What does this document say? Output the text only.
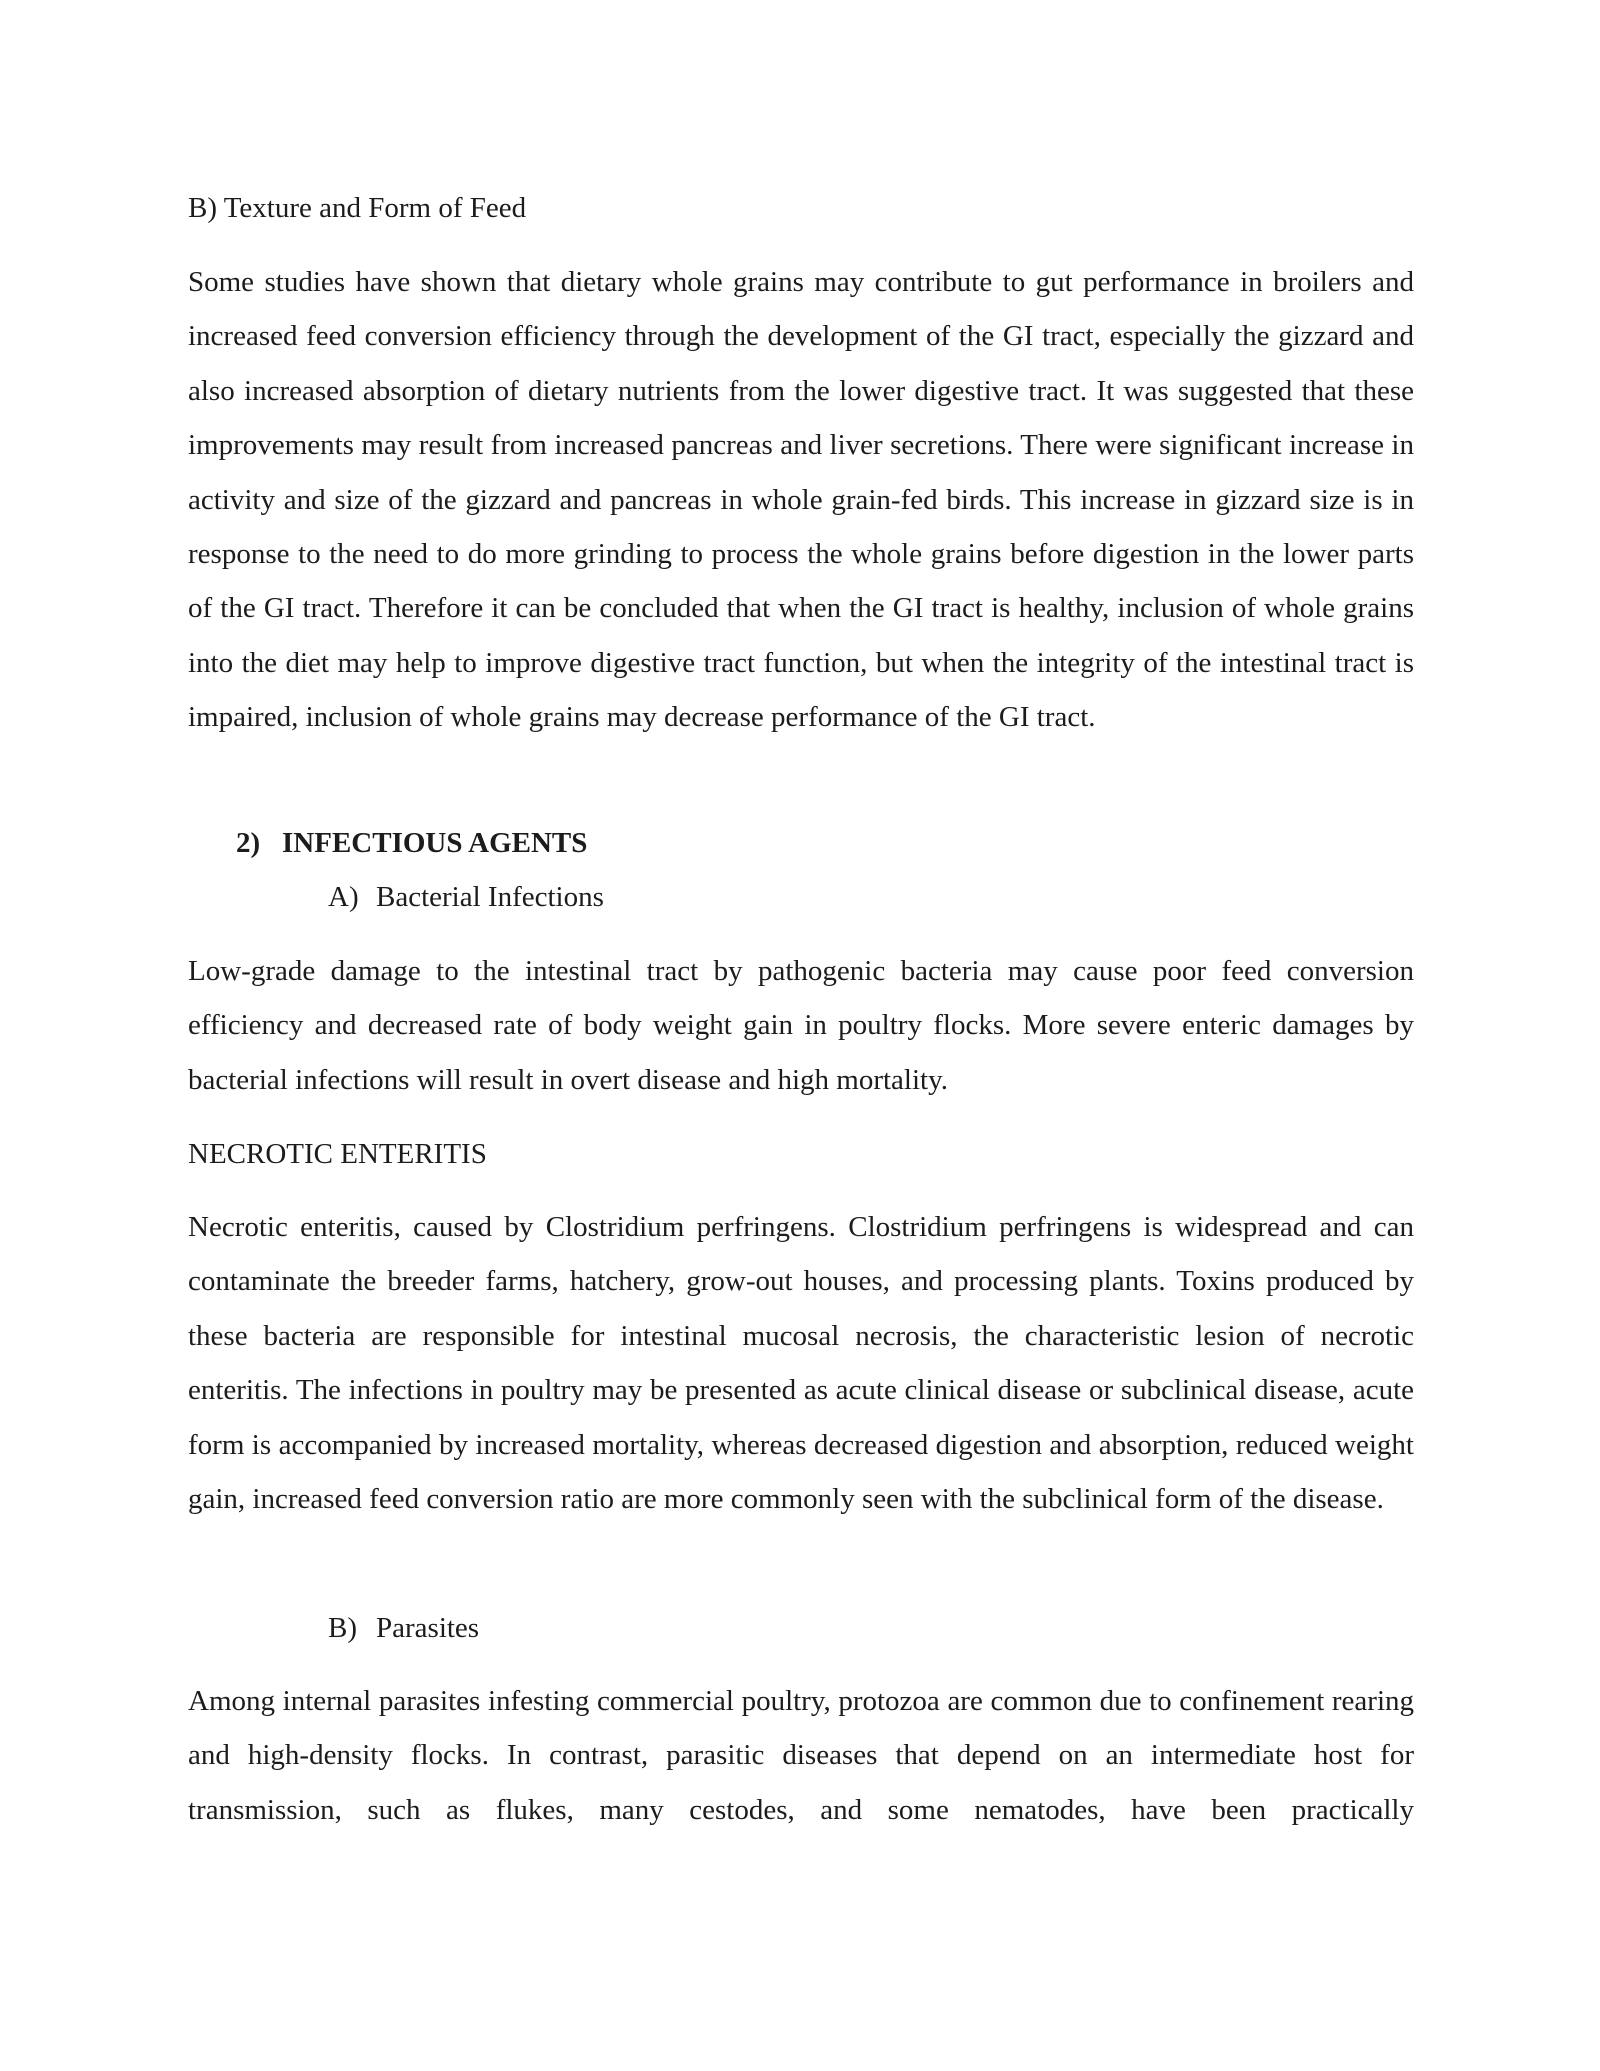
B) Texture and Form of Feed

Some studies have shown that dietary whole grains may contribute to gut performance in broilers and increased feed conversion efficiency through the development of the GI tract, especially the gizzard and also increased absorption of dietary nutrients from the lower digestive tract. It was suggested that these improvements may result from increased pancreas and liver secretions. There were significant increase in activity and size of the gizzard and pancreas in whole grain-fed birds. This increase in gizzard size is in response to the need to do more grinding to process the whole grains before digestion in the lower parts of the GI tract. Therefore it can be concluded that when the GI tract is healthy, inclusion of whole grains into the diet may help to improve digestive tract function, but when the integrity of the intestinal tract is impaired, inclusion of whole grains may decrease performance of the GI tract.

2) INFECTIOUS AGENTS
A) Bacterial Infections

Low-grade damage to the intestinal tract by pathogenic bacteria may cause poor feed conversion efficiency and decreased rate of body weight gain in poultry flocks. More severe enteric damages by bacterial infections will result in overt disease and high mortality.

NECROTIC ENTERITIS

Necrotic enteritis, caused by Clostridium perfringens. Clostridium perfringens is widespread and can contaminate the breeder farms, hatchery, grow-out houses, and processing plants. Toxins produced by these bacteria are responsible for intestinal mucosal necrosis, the characteristic lesion of necrotic enteritis. The infections in poultry may be presented as acute clinical disease or subclinical disease, acute form is accompanied by increased mortality, whereas decreased digestion and absorption, reduced weight gain, increased feed conversion ratio are more commonly seen with the subclinical form of the disease.

B) Parasites

Among internal parasites infesting commercial poultry, protozoa are common due to confinement rearing and high-density flocks. In contrast, parasitic diseases that depend on an intermediate host for transmission, such as flukes, many cestodes, and some nematodes, have been practically
